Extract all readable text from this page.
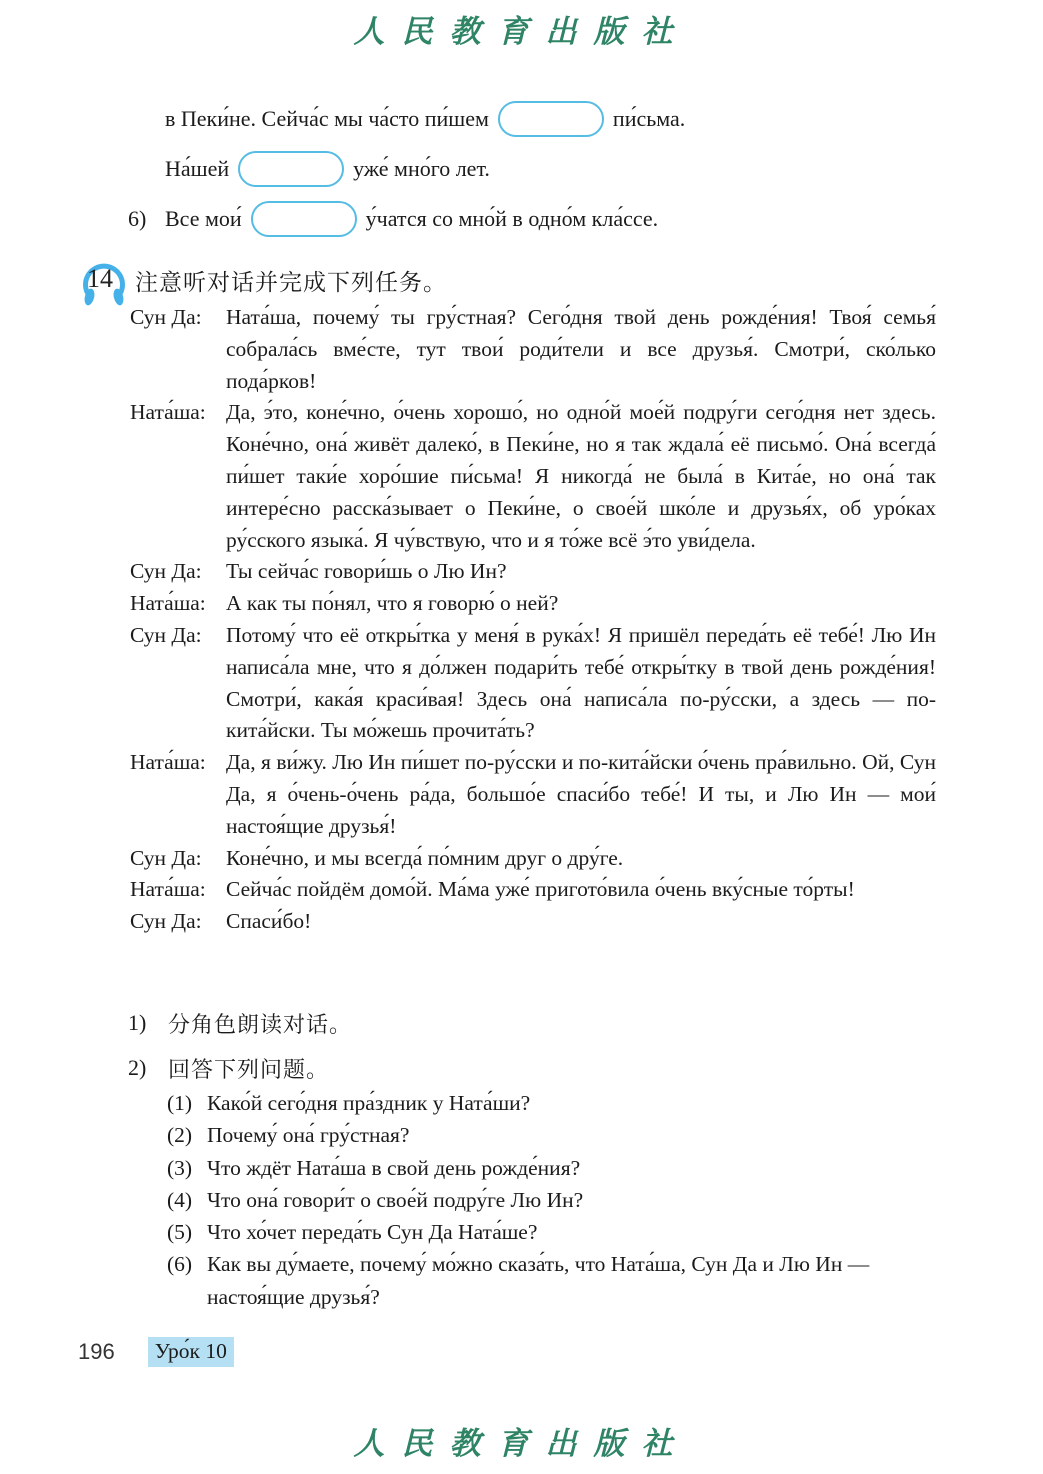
人民教育出版社
в Пеки́не. Сейча́с мы ча́сто пи́шем	пи́сьма.
На́шей	уже́ мно́го лет.
6) Все мои́	у́чатся со мно́й в одно́м кла́ссе.
14 注意听对话并完成下列任务。
Сун Да:	Ната́ша, почему́ ты гру́стная? Сего́дня твой день рожде́ния! Твоя́ семья́ собрала́сь вме́сте, тут твои́ роди́тели и все друзья́. Смотри́, ско́лько пода́рков!
Ната́ша: Да, э́то, коне́чно, о́чень хорошо́, но одно́й мое́й подру́ги сего́дня нет здесь. Коне́чно, она́ живёт далеко́, в Пеки́не, но я так ждала́ её письмо́. Она́ всегда́ пи́шет таки́е хоро́шие пи́сьма! Я никогда́ не была́ в Кита́е, но она́ так интере́сно расска́зывает о Пеки́не, о свое́й шко́ле и друзья́х, об уро́ках ру́сского языка́. Я чу́вствую, что и я то́же всё э́то уви́дела.
Сун Да:	Ты сейча́с говори́шь о Лю Ин?
Ната́ша: А как ты по́нял, что я говорю́ о ней?
Сун Да:	Потому́ что её откры́тка у меня́ в рука́х! Я пришёл переда́ть её тебе́! Лю Ин написа́ла мне, что я до́лжен подари́ть тебе́ откры́тку в твой день рожде́ния! Смотри́, кака́я краси́вая! Здесь она́ написа́ла по-ру́сски, а здесь — по-кита́йски. Ты мо́жешь прочита́ть?
Ната́ша: Да, я ви́жу. Лю Ин пи́шет по-ру́сски и по-кита́йски о́чень пра́вильно. Ой, Сун Да, я о́чень-о́чень ра́да, большо́е спаси́бо тебе́! И ты, и Лю Ин — мои́ настоя́щие друзья́!
Сун Да:	Коне́чно, и мы всегда́ по́мним друг о дру́ге.
Ната́ша: Сейча́с пойдём домо́й. Ма́ма уже́ пригото́вила о́чень вку́сные то́рты!
Сун Да:	Спаси́бо!
1) 分角色朗读对话。
2) 回答下列问题。
(1) Како́й сего́дня пра́здник у Ната́ши?
(2) Почему́ она́ гру́стная?
(3) Что ждёт Ната́ша в свой день рожде́ния?
(4) Что она́ говори́т о свое́й подру́ге Лю Ин?
(5) Что хо́чет переда́ть Сун Да Ната́ше?
(6) Как вы ду́маете, почему́ мо́жно сказа́ть, что Ната́ша, Сун Да и Лю Ин — настоя́щие друзья́?
196	Уро́к 10
人民教育出版社
